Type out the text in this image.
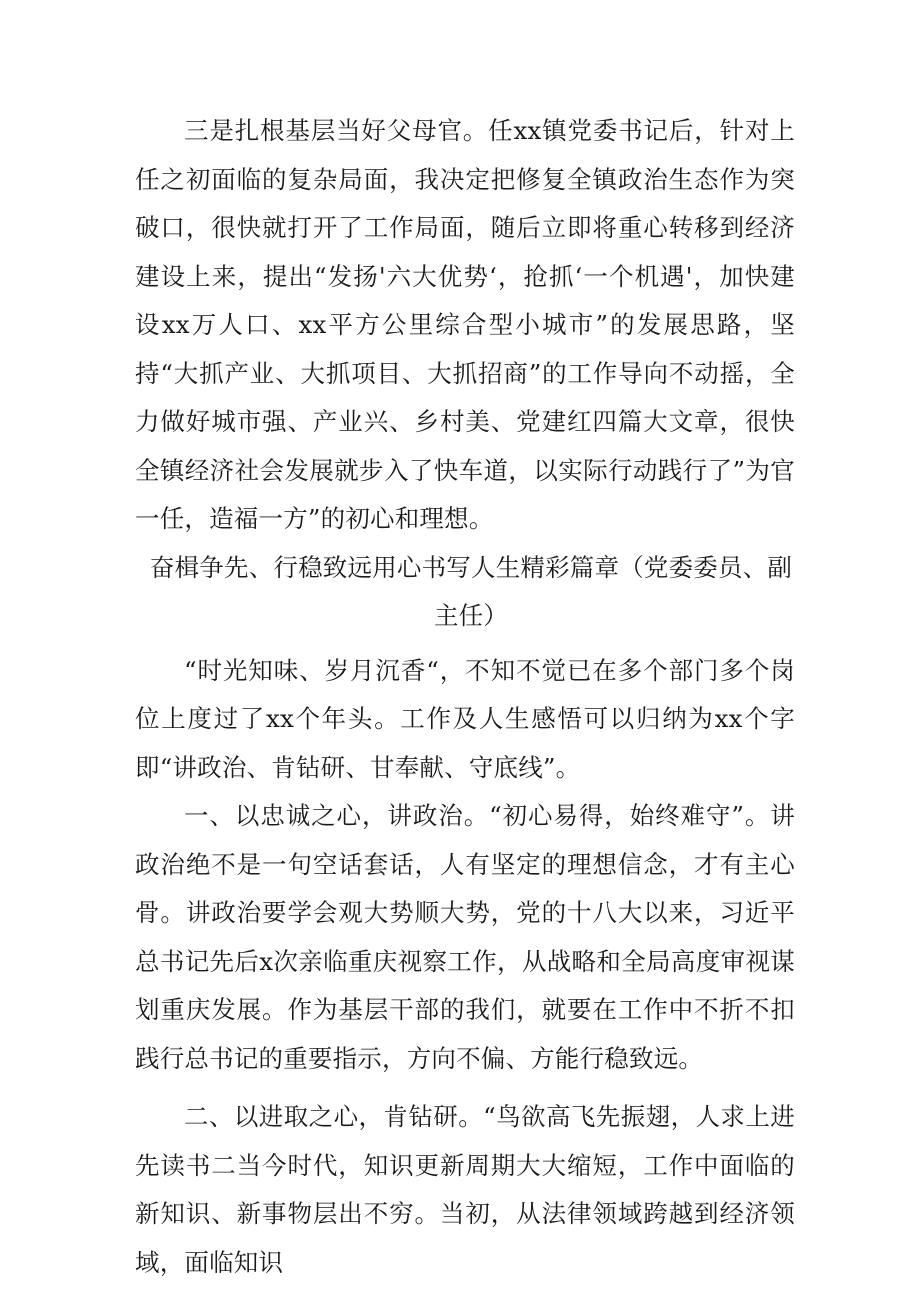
三是扎根基层当好父母官。任xx镇党委书记后，针对上任之初面临的复杂局面，我决定把修复全镇政治生态作为突破口，很快就打开了工作局面，随后立即将重心转移到经济建设上来，提出“发扬'六大优势‘，抢抓‘一个机遇'，加快建设xx万人口、xx平方公里综合型小城市”的发展思路，坚持“大抓产业、大抓项目、大抓招商”的工作导向不动摇，全力做好城市强、产业兴、乡村美、党建红四篇大文章，很快全镇经济社会发展就步入了快车道，以实际行动践行了”为官一任，造福一方”的初心和理想。

奋楫争先、行稳致远用心书写人生精彩篇章（党委委员、副主任）

“时光知味、岁月沉香“，不知不觉已在多个部门多个岗位上度过了xx个年头。工作及人生感悟可以归纳为xx个字即“讲政治、肯钻研、甘奉献、守底线”。

一、以忠诚之心，讲政治。“初心易得，始终难守”。讲政治绝不是一句空话套话，人有坚定的理想信念，才有主心骨。讲政治要学会观大势顺大势，党的十八大以来，习近平总书记先后x次亲临重庆视察工作，从战略和全局高度审视谋划重庆发展。作为基层干部的我们，就要在工作中不折不扣践行总书记的重要指示，方向不偏、方能行稳致远。

二、以进取之心，肯钻研。“鸟欲高飞先振翅，人求上进先读书二当今时代，知识更新周期大大缩短，工作中面临的新知识、新事物层出不穷。当初，从法律领域跨越到经济领域，面临知识
